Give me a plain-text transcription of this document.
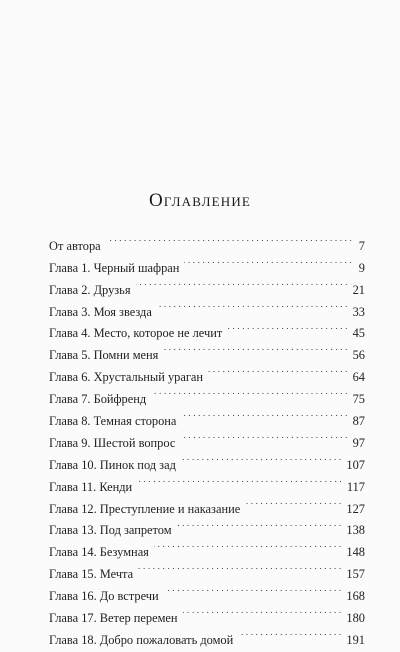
Оглавление
От автора . . .	7
Глава 1. Черный шафран . . .	9
Глава 2. Друзья . . .	21
Глава 3. Моя звезда . . .	33
Глава 4. Место, которое не лечит . . .	45
Глава 5. Помни меня . . .	56
Глава 6. Хрустальный ураган . . .	64
Глава 7. Бойфренд . . .	75
Глава 8. Темная сторона . . .	87
Глава 9. Шестой вопрос . . .	97
Глава 10. Пинок под зад . . .	107
Глава 11. Кенди . . .	117
Глава 12. Преступление и наказание . . .	127
Глава 13. Под запретом . . .	138
Глава 14. Безумная . . .	148
Глава 15. Мечта . . .	157
Глава 16. До встречи . . .	168
Глава 17. Ветер перемен . . .	180
Глава 18. Добро пожаловать домой . . .	191
